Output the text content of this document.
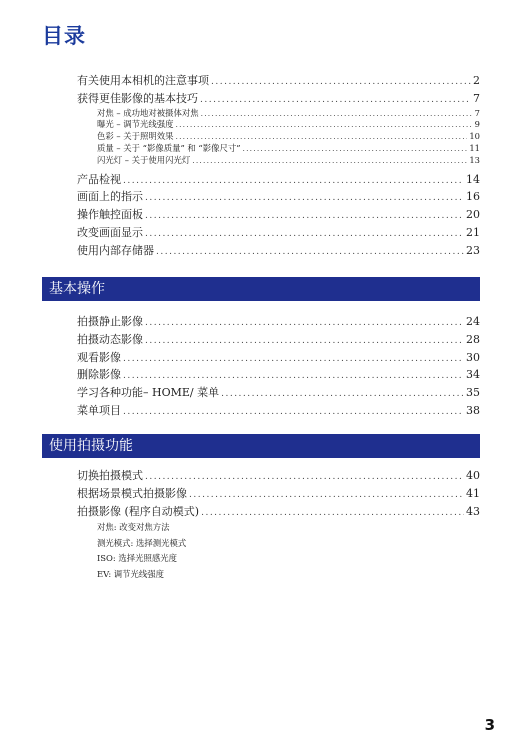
目录
有关使用本相机的注意事项 .....	2
获得更佳影像的基本技巧 .....	7
对焦 – 成功地对被摄体对焦 .....	7
曝光 – 调节光线强度 .....	9
色彩 – 关于照明效果 .....	10
质量 – 关于 “影像质量” 和 “影像尺寸” .....	11
闪光灯 – 关于使用闪光灯 .....	13
产品检视 .....	14
画面上的指示 .....	16
操作触控面板 .....	20
改变画面显示 .....	21
使用内部存储器 .....	23
基本操作
拍摄静止影像 .....	24
拍摄动态影像 .....	28
观看影像 .....	30
删除影像 .....	34
学习各种功能– HOME/ 菜单 .....	35
菜单项目 .....	38
使用拍摄功能
切换拍摄模式 .....	40
根据场景模式拍摄影像 .....	41
拍摄影像 (程序自动模式) .....	43
对焦: 改变对焦方法
测光模式: 选择测光模式
ISO: 选择光照感光度
EV: 调节光线强度
3
